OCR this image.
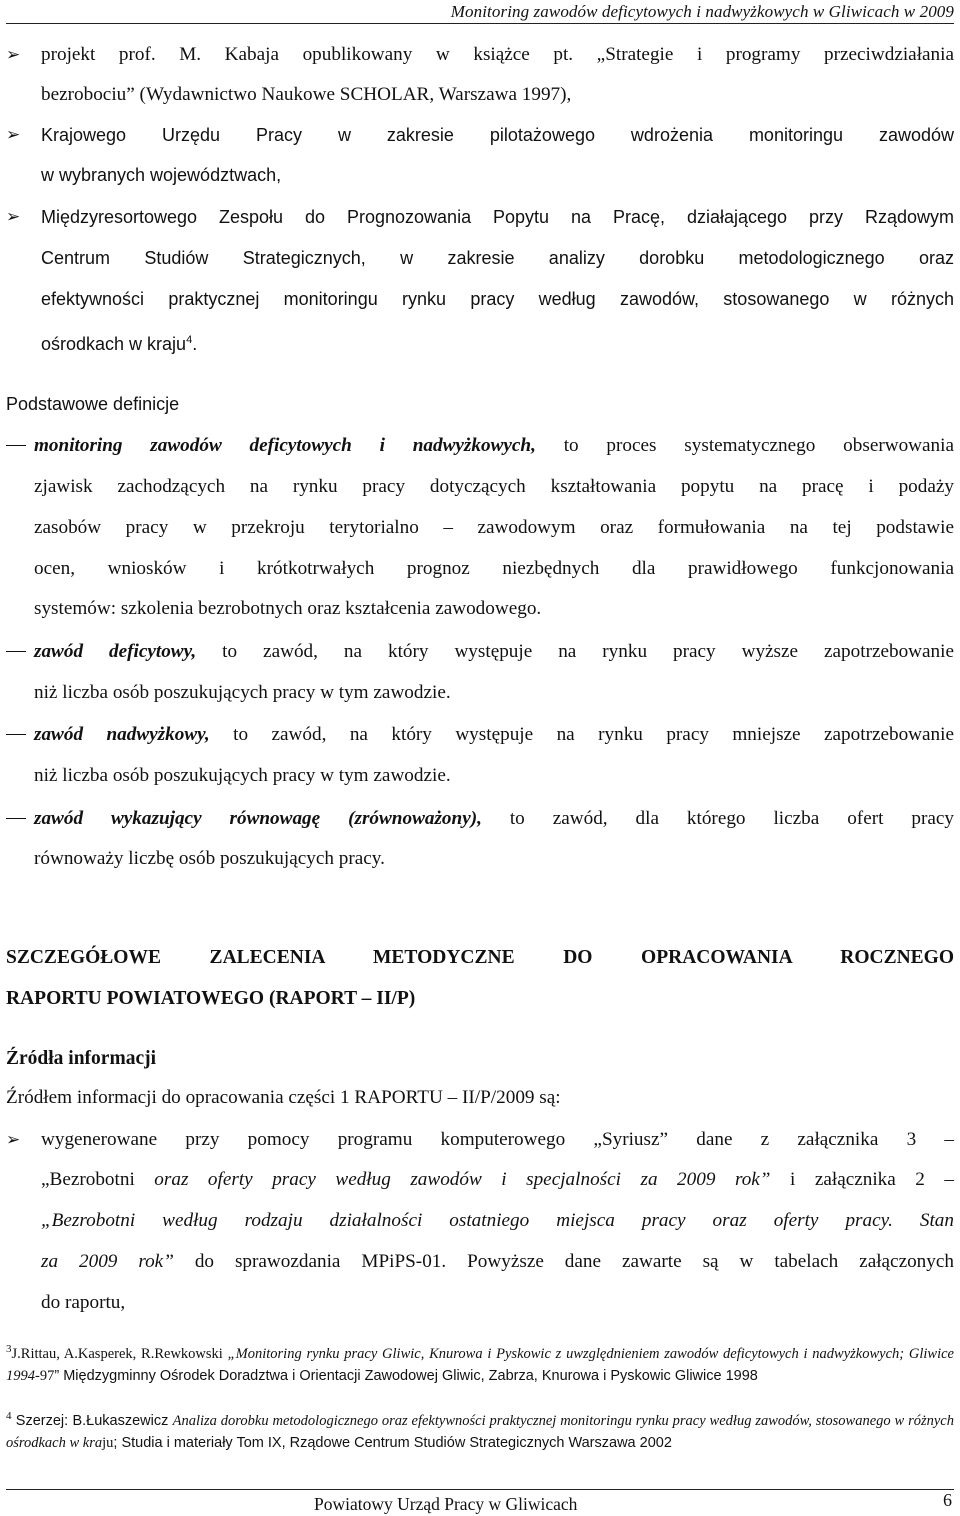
Monitoring zawodów deficytowych i nadwyżkowych w Gliwicach w 2009
➢ projekt prof. M. Kabaja opublikowany w książce pt. „Strategie i programy przeciwdziałania
bezrobociu” (Wydawnictwo Naukowe SCHOLAR, Warszawa 1997),
➢ Krajowego Urzędu Pracy w zakresie pilotażowego wdrożenia monitoringu zawodów
w wybranych województwach,
➢ Międzyresortowego Zespołu do Prognozowania Popytu na Pracę, działającego przy Rządowym
Centrum Studiów Strategicznych, w zakresie analizy dorobku metodologicznego oraz
efektywności praktycznej monitoringu rynku pracy według zawodów, stosowanego w różnych
ośrodkach w kraju$^4$.
Podstawowe definicje
monitoring zawodów deficytowych i nadwyżkowych, to proces systematycznego obserwowania
zjawisk zachodzących na rynku pracy dotyczących kształtowania popytu na pracę i podaży
zasobów pracy w przekroju terytorialno – zawodowym oraz formułowania na tej podstawie
ocen, wniosków i krótkotrwałych prognoz niezbędnych dla prawidłowego funkcjonowania
systemów: szkolenia bezrobotnych oraz kształcenia zawodowego.
zawód deficytowy, to zawód, na który występuje na rynku pracy wyższe zapotrzebowanie
niż liczba osób poszukujących pracy w tym zawodzie.
zawód nadwyżkowy, to zawód, na który występuje na rynku pracy mniejsze zapotrzebowanie
niż liczba osób poszukujących pracy w tym zawodzie.
zawód wykazujący równowagę (zrównoważony), to zawód, dla którego liczba ofert pracy
równoważy liczbę osób poszukujących pracy.
SZCZEGÓŁOWE ZALECENIA METODYCZNE DO OPRACOWANIA ROCZNEGO
RAPORTU POWIATOWEGO (RAPORT – II/P)
Źródła informacji
Źródłem informacji do opracowania części 1 RAPORTU – II/P/2009 są:
➢ wygenerowane przy pomocy programu komputerowego „Syriusz” dane z załącznika 3 –
„Bezrobotni oraz oferty pracy według zawodów i specjalności za 2009 rok” i załącznika 2 –
„Bezrobotni według rodzaju działalności ostatniego miejsca pracy oraz oferty pracy. Stan
za 2009 rok” do sprawozdania MPiPS-01. Powyższe dane zawarte są w tabelach załączonych
do raportu,
$^3$J.Rittau, A.Kasperek, R.Rewkowski „Monitoring rynku pracy Gliwic, Knurowa i Pyskowic z uwzględnieniem zawodów deficytowych i nadwyżkowych; Gliwice 1994-97” Międzygminny Ośrodek Doradztwa i Orientacji Zawodowej Gliwic, Zabrza, Knurowa i Pyskowic Gliwice 1998
$^4$ Szerzej: B.Łukaszewicz Analiza dorobku metodologicznego oraz efektywności praktycznej monitoringu rynku pracy według zawodów, stosowanego w różnych ośrodkach w kraju; Studia i materiały Tom IX, Rządowe Centrum Studiów Strategicznych Warszawa 2002
Powiatowy Urząd Pracy w Gliwicach	6
